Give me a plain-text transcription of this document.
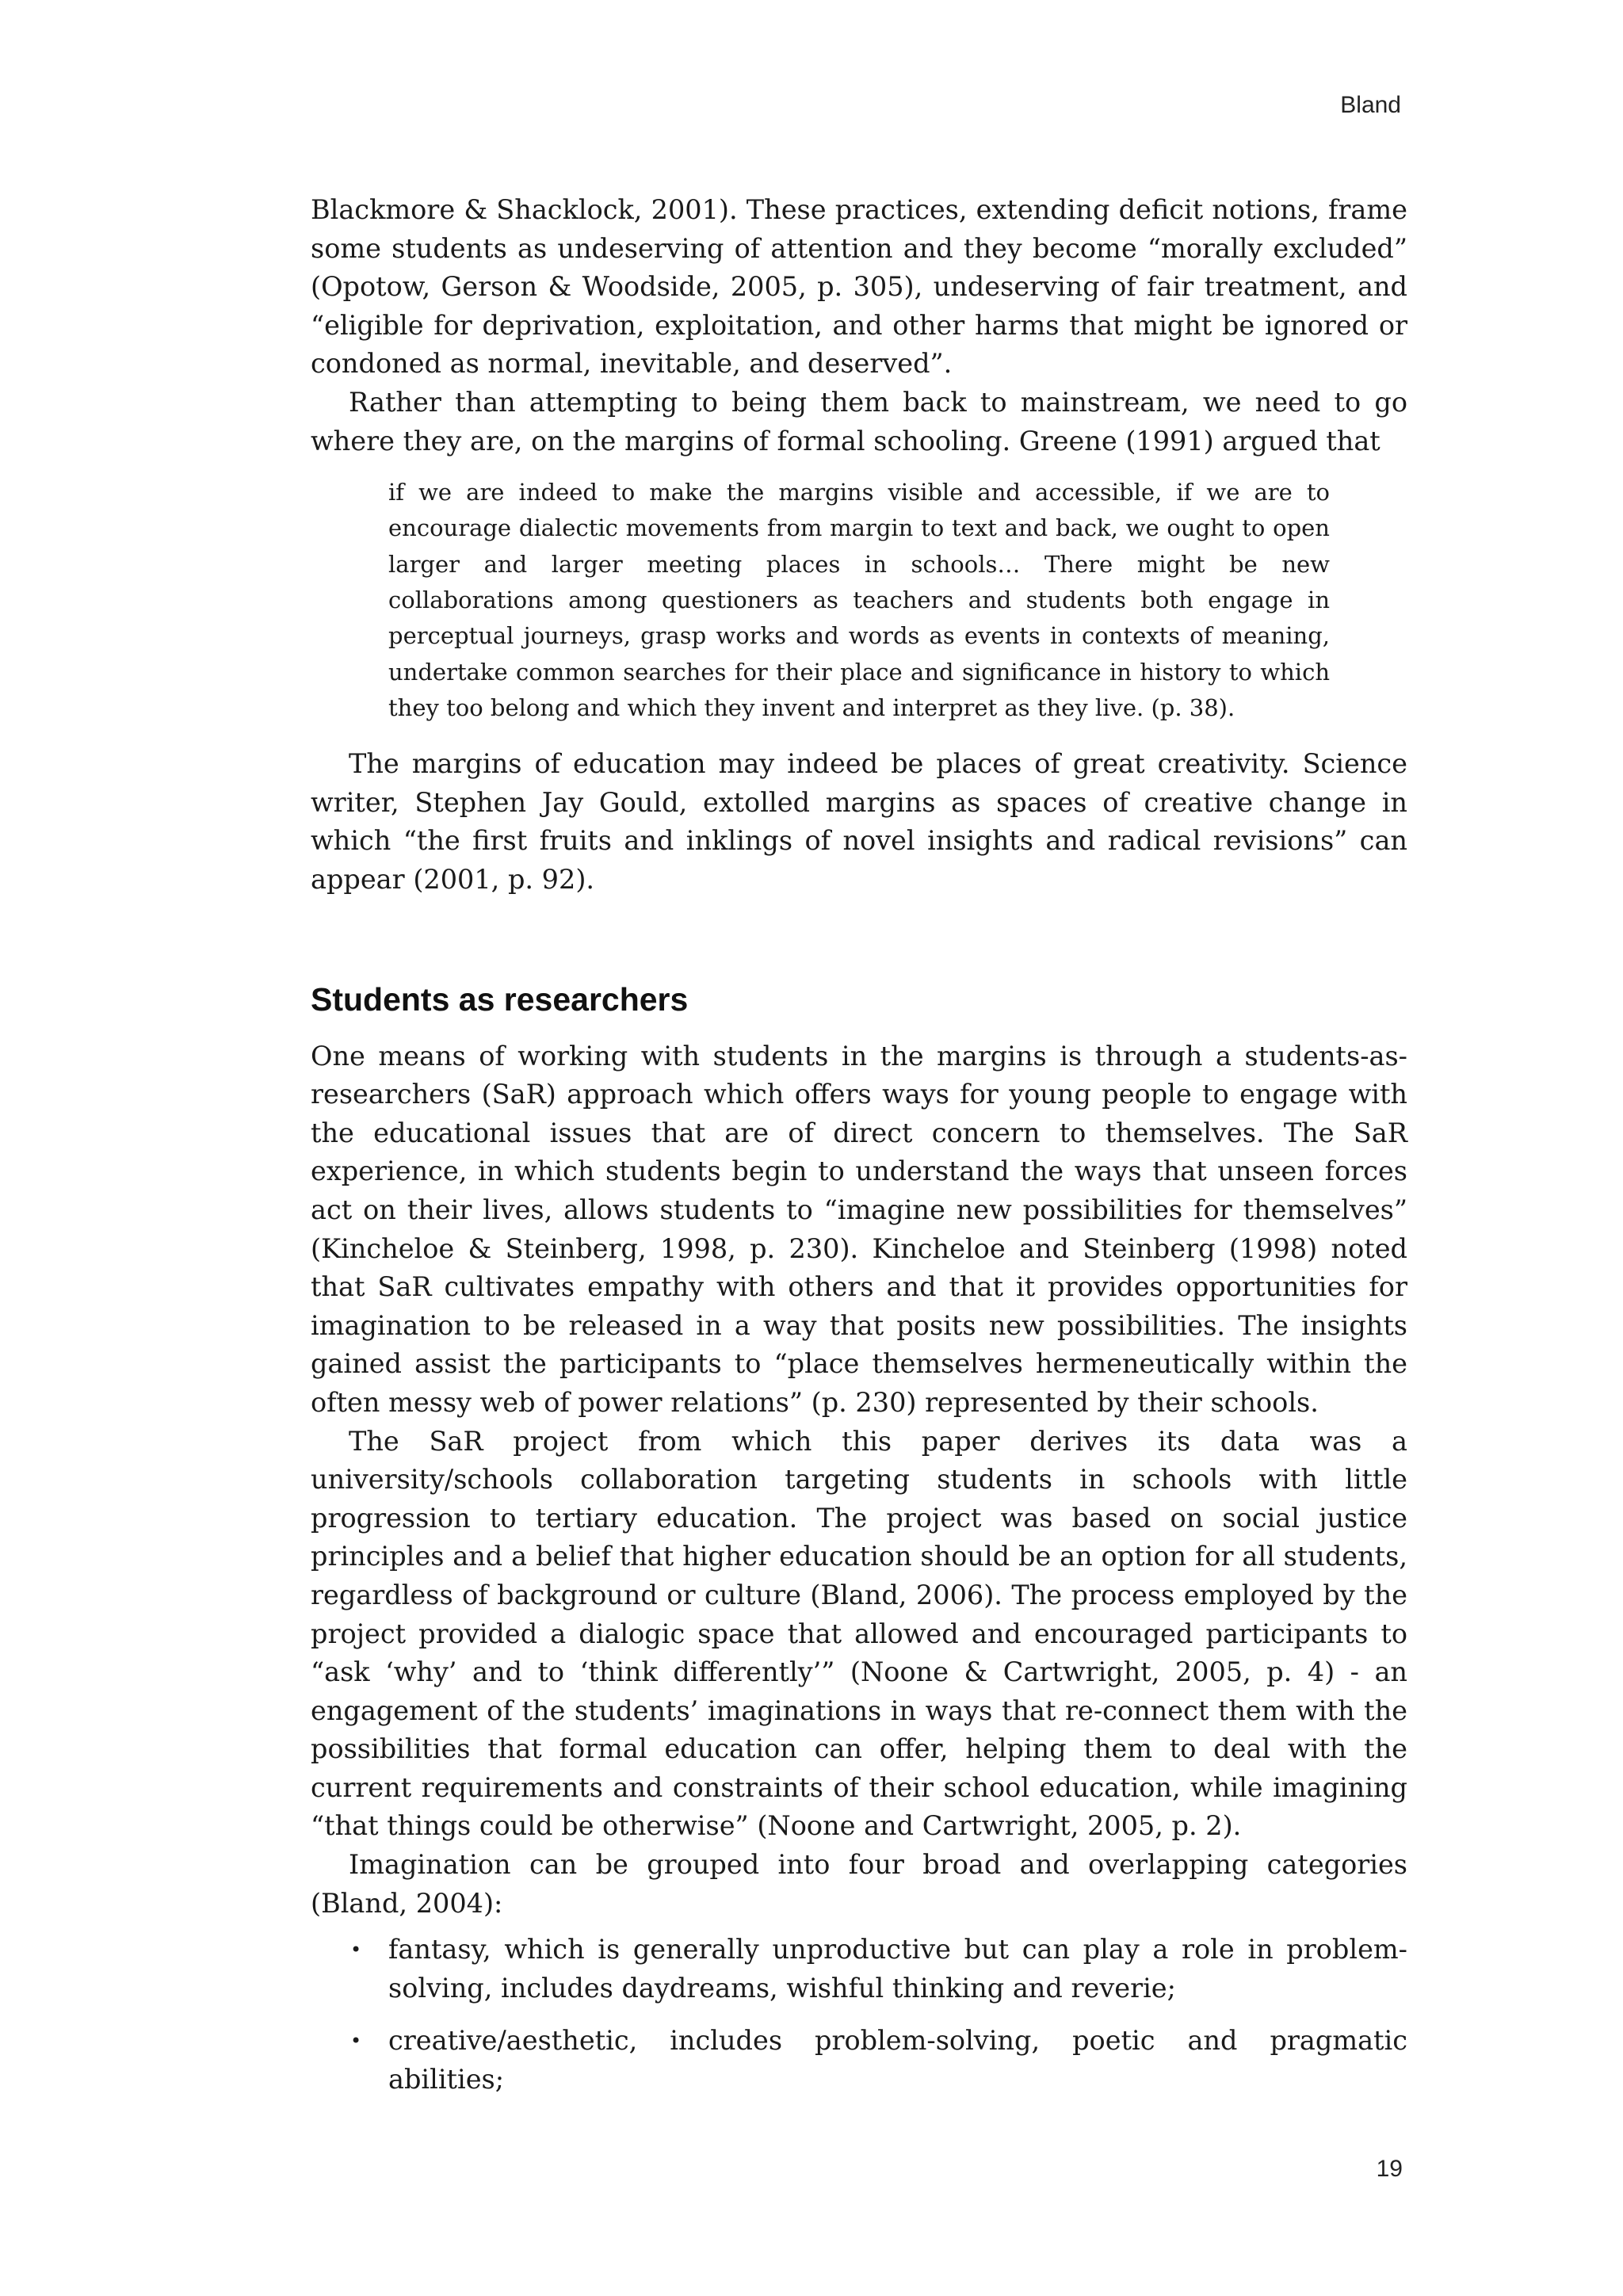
Bland

Blackmore & Shacklock, 2001). These practices, extending deficit notions, frame some students as undeserving of attention and they become “morally excluded” (Opotow, Gerson & Woodside, 2005, p. 305), undeserving of fair treatment, and “eligible for deprivation, exploitation, and other harms that might be ignored or condoned as normal, inevitable, and deserved”.

Rather than attempting to being them back to mainstream, we need to go where they are, on the margins of formal schooling. Greene (1991) argued that

if we are indeed to make the margins visible and accessible, if we are to encourage dialectic movements from margin to text and back, we ought to open larger and larger meeting places in schools… There might be new collaborations among questioners as teachers and students both engage in perceptual journeys, grasp works and words as events in contexts of meaning, undertake common searches for their place and significance in history to which they too belong and which they invent and interpret as they live. (p. 38).

The margins of education may indeed be places of great creativity. Science writer, Stephen Jay Gould, extolled margins as spaces of creative change in which “the first fruits and inklings of novel insights and radical revisions” can appear (2001, p. 92).

Students as researchers

One means of working with students in the margins is through a students-as-researchers (SaR) approach which offers ways for young people to engage with the educational issues that are of direct concern to themselves. The SaR experience, in which students begin to understand the ways that unseen forces act on their lives, allows students to “imagine new possibilities for themselves” (Kincheloe & Steinberg, 1998, p. 230). Kincheloe and Steinberg (1998) noted that SaR cultivates empathy with others and that it provides opportunities for imagination to be released in a way that posits new possibilities. The insights gained assist the participants to “place themselves hermeneutically within the often messy web of power relations” (p. 230) represented by their schools.

The SaR project from which this paper derives its data was a university/schools collaboration targeting students in schools with little progression to tertiary education. The project was based on social justice principles and a belief that higher education should be an option for all students, regardless of background or culture (Bland, 2006). The process employed by the project provided a dialogic space that allowed and encouraged participants to “ask ‘why’ and to ‘think differently’” (Noone & Cartwright, 2005, p. 4) - an engagement of the students’ imaginations in ways that re-connect them with the possibilities that formal education can offer, helping them to deal with the current requirements and constraints of their school education, while imagining “that things could be otherwise” (Noone and Cartwright, 2005, p. 2).

Imagination can be grouped into four broad and overlapping categories (Bland, 2004):

• fantasy, which is generally unproductive but can play a role in problem-solving, includes daydreams, wishful thinking and reverie;
• creative/aesthetic, includes problem-solving, poetic and pragmatic abilities;
19
